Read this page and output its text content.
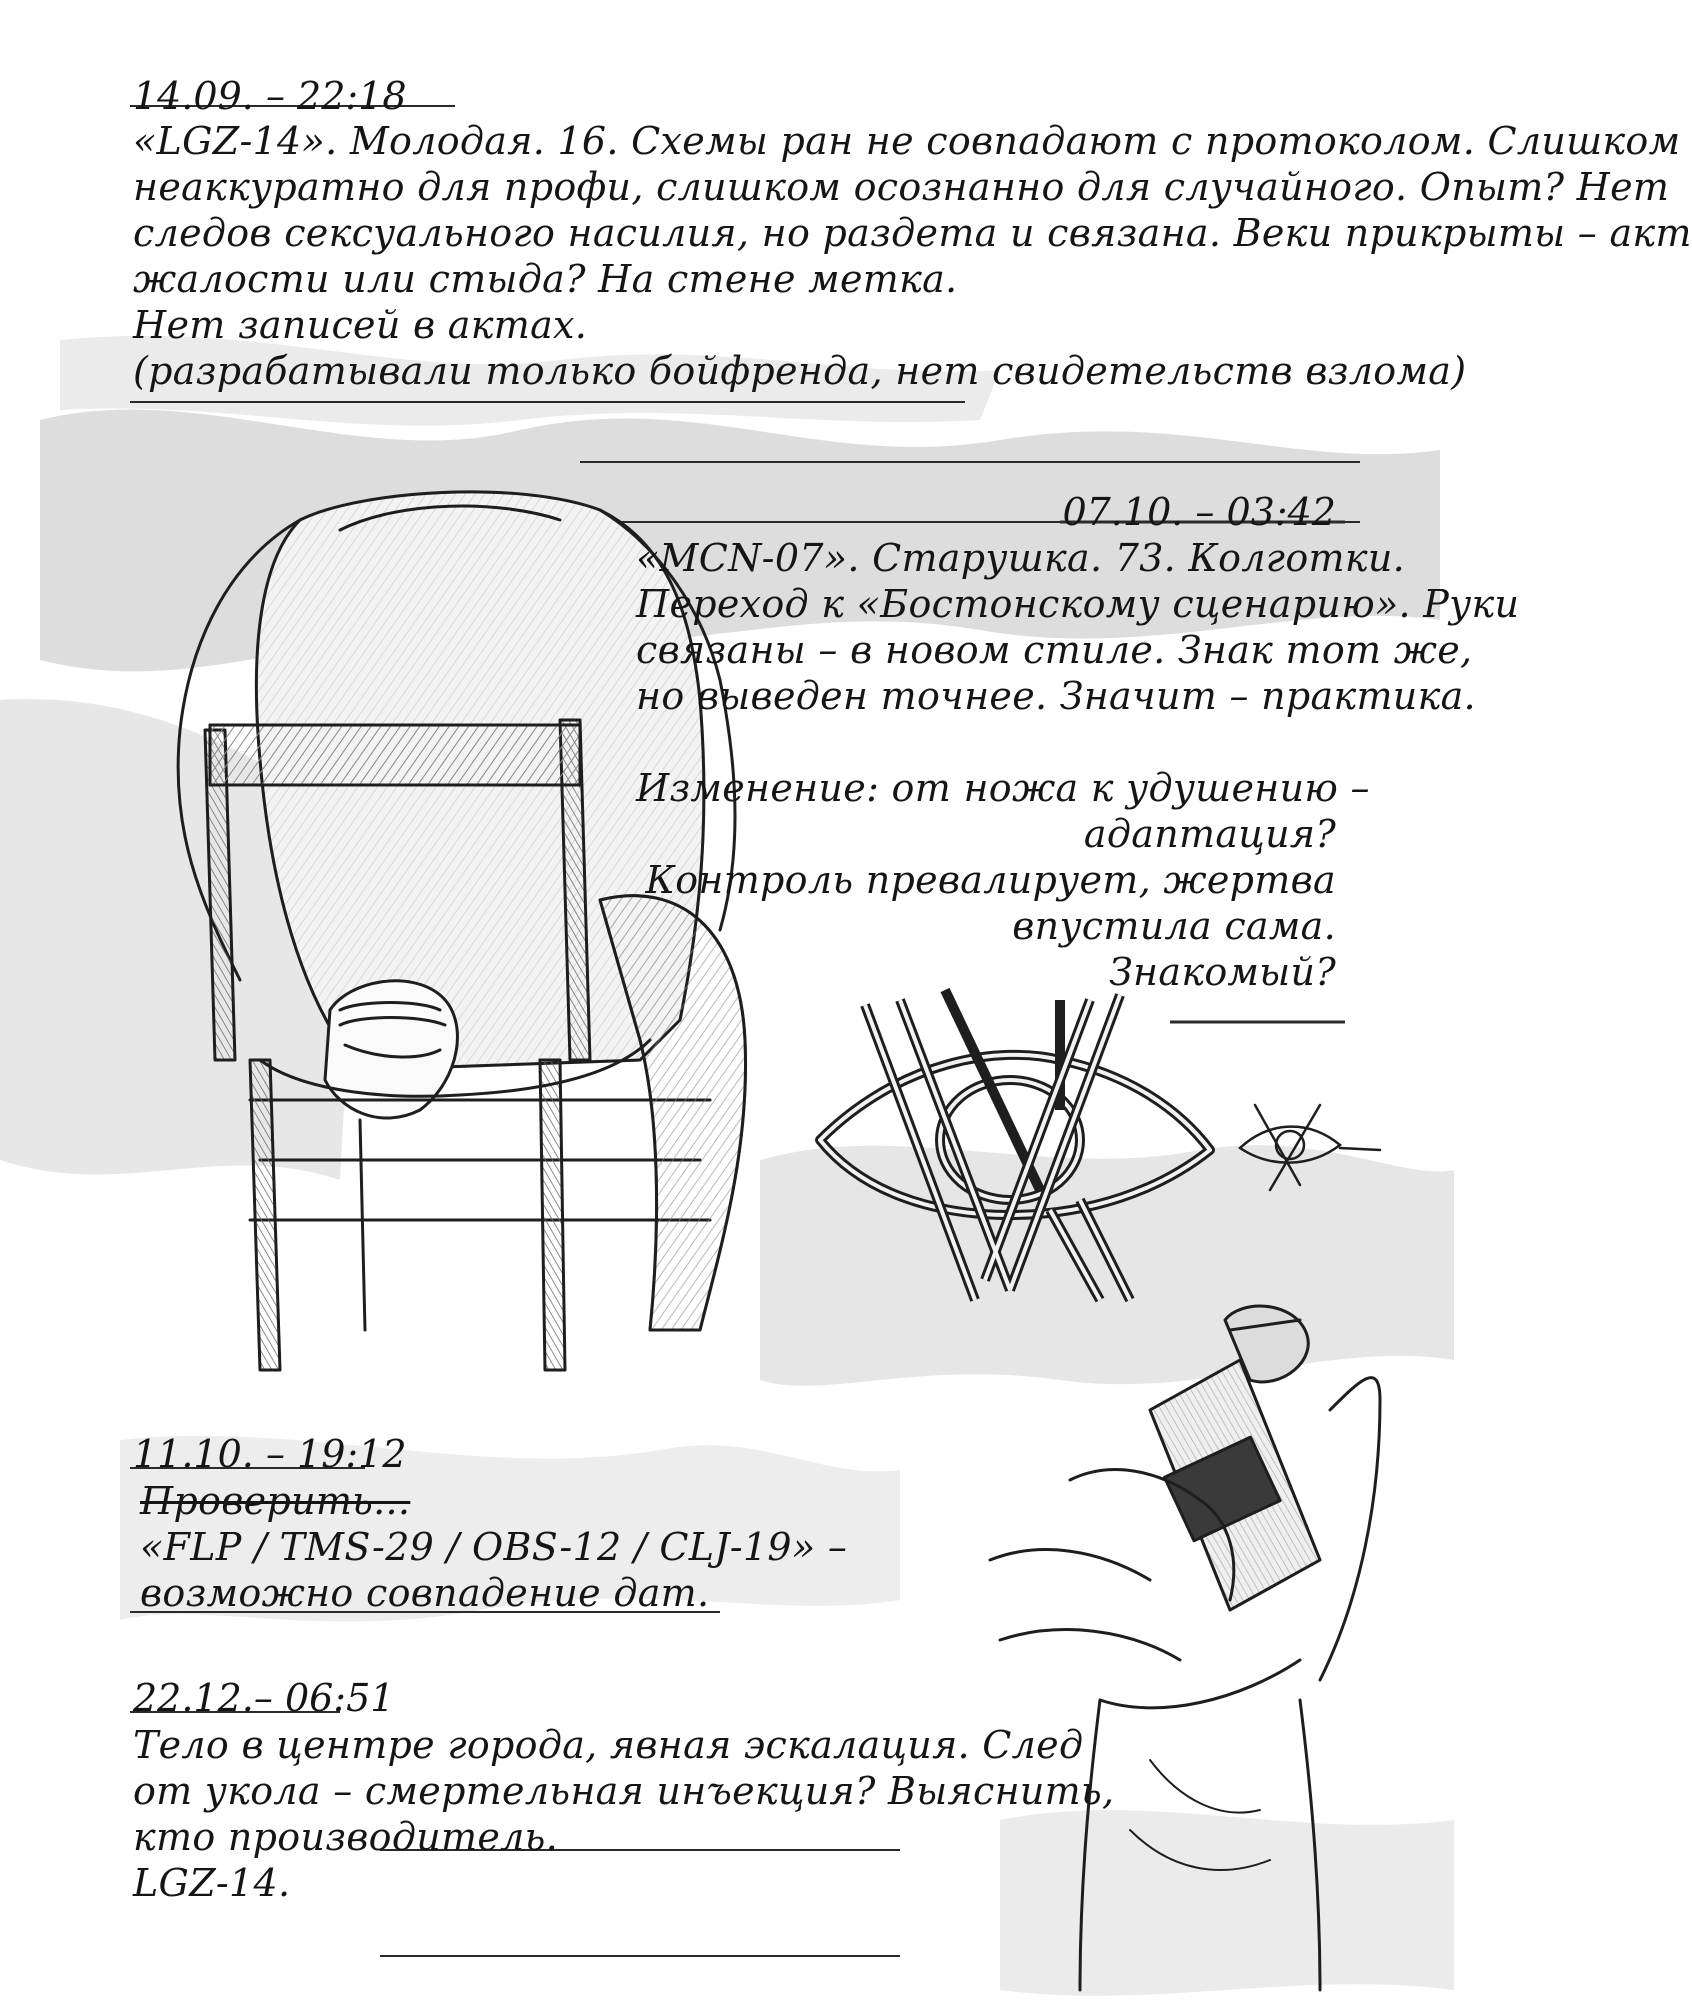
14.09. – 22:18
«LGZ-14». Молодая. 16. Схемы ран не совпадают с протоколом. Слишком
неаккуратно для профи, слишком осознанно для случайного. Опыт? Нет
следов сексуального насилия, но раздета и связана. Веки прикрыты – акт
жалости или стыда? На стене метка.
Нет записей в актах.
(разрабатывали только бойфренда, нет свидетельств взлома)
07.10. – 03:42
«MCN-07». Старушка. 73. Колготки.
Переход к «Бостонскому сценарию». Руки
связаны – в новом стиле. Знак тот же,
но выведен точнее. Значит – практика.
Изменение: от ножа к удушению –
адаптация?
Контроль превалирует, жертва
впустила сама.
Знакомый?
11.10. – 19:12
Проверить...
«FLP / TMS-29 / OBS-12 / CLJ-19» –
возможно совпадение дат.
22.12.– 06:51
Тело в центре города, явная эскалация. След
от укола – смертельная инъекция? Выяснить,
кто производитель.
LGZ-14.
